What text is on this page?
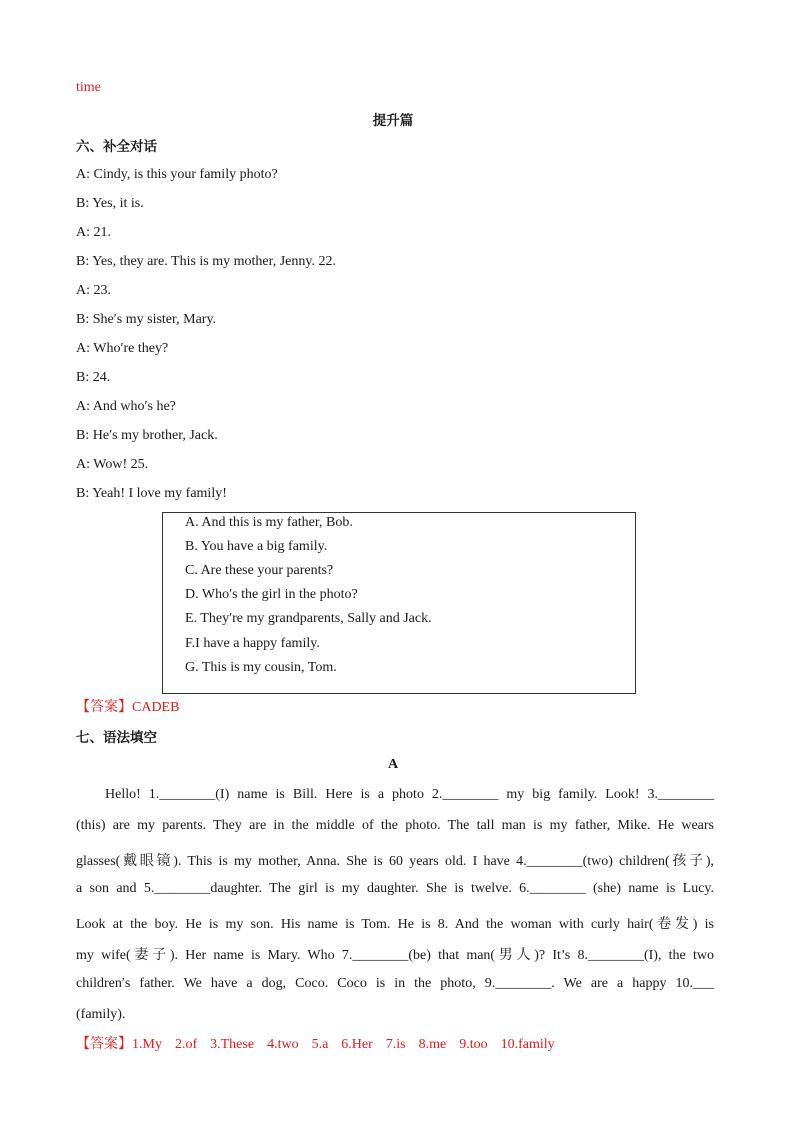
time
提升篇
六、补全对话
A: Cindy, is this your family photo?
B: Yes, it is.
A: 21.
B: Yes, they are. This is my mother, Jenny. 22.
A: 23.
B: She′s my sister, Mary.
A: Who′re they?
B: 24.
A: And who′s he?
B: He′s my brother, Jack.
A: Wow! 25.
B: Yeah! I love my family!
A. And this is my father, Bob.
B. You have a big family.
C. Are these your parents?
D. Who′s the girl in the photo?
E. They′re my grandparents, Sally and Jack.
F.I have a happy family.
G. This is my cousin, Tom.
【答案】CADEB
七、语法填空
A
Hello! 1.________(I) name is Bill. Here is a photo 2.________ my big family. Look! 3.________
(this) are my parents. They are in the middle of the photo. The tall man is my father, Mike. He wears
glasses(戴眼镜). This is my mother, Anna. She is 60 years old. I have 4.________(two) children(孩子),
a son and 5.________daughter. The girl is my daughter. She is twelve. 6.________ (she) name is Lucy.
Look at the boy. He is my son. His name is Tom. He is 8. And the woman with curly hair(卷发) is
my wife(妻子). Her name is Mary. Who 7.________(be) that man(男人)? It’s 8.________(I), the two
children′s father. We have a dog, Coco. Coco is in the photo, 9.________. We are a happy 10.___
(family).
【答案】1.My 2.of 3.These 4.two 5.a 6.Her 7.is 8.me 9.too 10.family
